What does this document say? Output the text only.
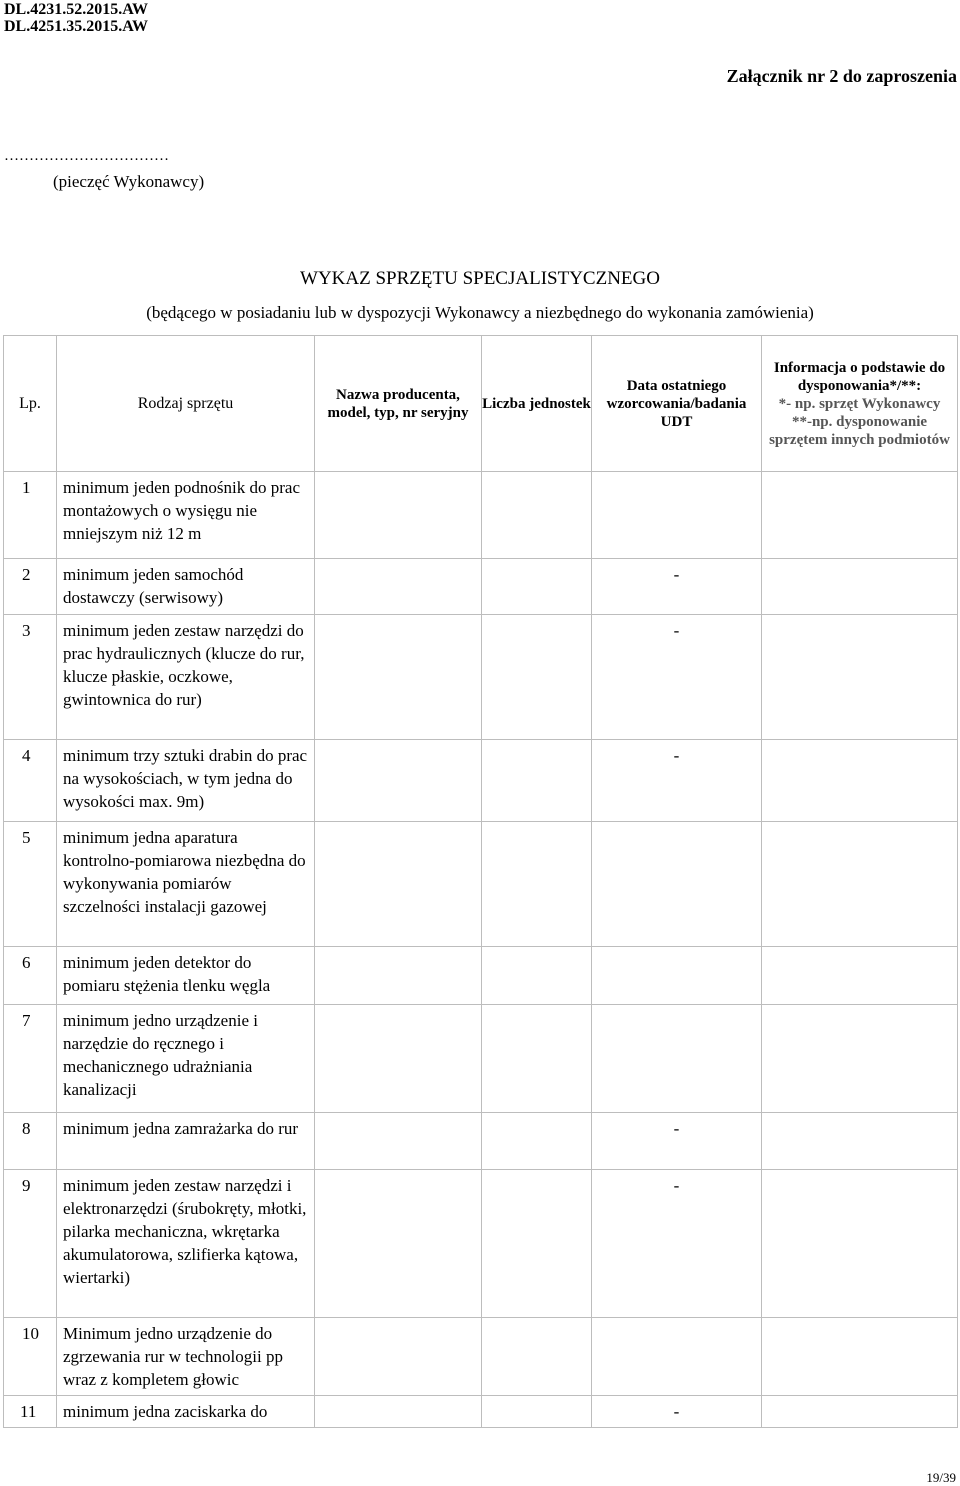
DL.4231.52.2015.AW
DL.4251.35.2015.AW
Załącznik nr 2 do zaproszenia
……………………………
(pieczęć Wykonawcy)
WYKAZ SPRZĘTU SPECJALISTYCZNEGO
(będącego w posiadaniu lub w dyspozycji Wykonawcy a niezbędnego do wykonania zamówienia)
Lp.	Rodzaj sprzętu	Nazwa producenta, model, typ, nr seryjny	Liczba jednostek	Data ostatniego wzorcowania/badania UDT	Informacja o podstawie do dysponowania*/**:
*- np. sprzęt Wykonawcy
**-np. dysponowanie sprzętem innych podmiotów

1	minimum jeden podnośnik do prac montażowych o wysięgu nie mniejszym niż 12 m				
2	minimum jeden samochód dostawczy (serwisowy)			-	
3	minimum jeden zestaw narzędzi do prac hydraulicznych (klucze do rur, klucze płaskie, oczkowe, gwintownica do rur)			-	
4	minimum trzy sztuki drabin do prac na wysokościach, w tym jedna do wysokości max. 9m)			-	
5	minimum jedna aparatura kontrolno-pomiarowa niezbędna do wykonywania pomiarów szczelności instalacji gazowej				
6	minimum jeden detektor do pomiaru stężenia tlenku węgla				
7	minimum jedno urządzenie i narzędzie do ręcznego i mechanicznego udrażniania kanalizacji				
8	minimum jedna zamrażarka do rur			-	
9	minimum jeden zestaw narzędzi i elektronarzędzi (śrubokręty, młotki, pilarka mechaniczna, wkrętarka akumulatorowa, szlifierka kątowa, wiertarki)			-	
10	Minimum jedno urządzenie do zgrzewania rur w technologii pp wraz z kompletem głowic				
11	minimum jedna zaciskarka do			-	
19/39
